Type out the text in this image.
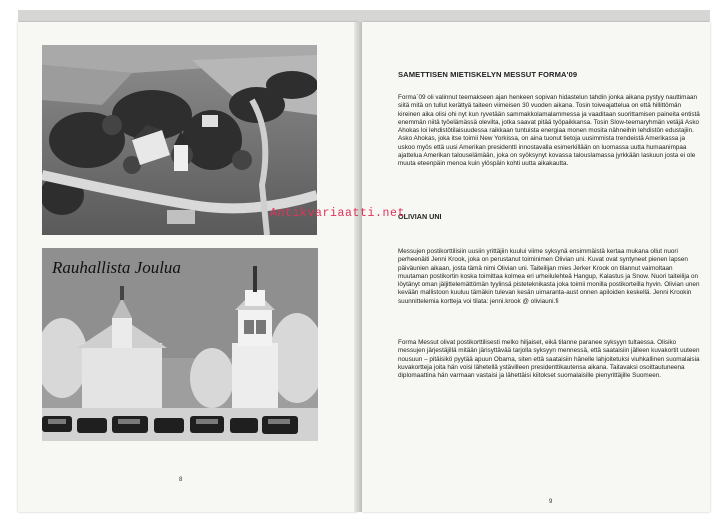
Rauhallista Joulua
8
SAMETTISEN MIETISKELYN MESSUT FORMA'09

Forma´09 oli valinnut teemakseen ajan henkeen sopivan hidastelun tahdin jonka aikana pystyy nauttimaan siitä mitä on tullut kerättyä taiteen viimeisen 30 vuoden aikana. Tosin toiveajattelua on että hillittömän kireinen aika olisi ohi nyt kun ryvetään sammakkolamalammessa ja vaaditaan suorittamisen paineita entistä enemmän niitä työelämässä olevilta, jotka saavat pitää työpaikkansa. Tosin Slow-teemaryhmän vetäjä Asko Ahokas loi lehdistötilaisuudessa raikkaan tuntuista energiaa monen mosita nähneihin lehdistön edustajiin. Asko Ahokas, joka itse toimii New Yorkissa, on aina tuonut tietoja uusimmista trendeistä Amerikassa ja uskoo myös että uusi Amerikan presidentti innostavalla esimerkillään on luomassa uutta humaanimpaa ajattelua Amerikan talouselämään, joka on syöksynyt kovassa talouslamassa jyrkkään laskuun josta ei ole muuta eteenpäin menoa kuin ylöspäin kohti uutta aikakautta.

OLIVIAN UNI

Messujen postikorttilisiin uusiin yrittäjiin kuului viime syksynä ensimmäistä kertaa mukana ollut nuori perheenäiti Jenni Krook, joka on perustanut toiminimen Olivian uni. Kuvat ovat syntyneet pienen lapsen päiväunien aikaan, josta tämä nimi Olivian uni. Taiteilijan mies Jerker Krook on tilannut vaimoltaan muutaman postikortin koska toimittaa kolmea eri urheilulehteä Hangup, Kalastus ja Snow. Nuori taiteilija on löytänyt oman jäljittelemättömän tyylinsä pisteteknikasta joka toimii monilla postikorteilla hyvin. Olivian unen kevään mallistoon kuuluu tämäkin tulevan kesän uimaranta-aust onnen apiloiden keskellä. Jenni Krookin suunnittelemia kortteja voi tilata: jenni.krook @ oliviauni.fi

Forma Messut olivat postikorttilisesti melko hiljaiset, eikä tilanne paranee syksyyn tultaessa. Olisiko messujen järjestäjillä mitään järisyttävää tarjolla syksyyn mennessä, että saataisiin jälleen kuvakortit uuteen nousuun – pitäisikö pyytää apuun Obama, siten että saataisiin hänelle lahjoitetuksi viuhkallinen suomalaisia kuvakortteja joita hän voisi lähetellä ystävilleen presidenttikautensa aikana. Taitavaksi osoittautuneena diplomaattina hän varmaan vastaisi ja lähettäisi kiitokset suomalaisille pienyrittäjille Suomeen.

9
Antikvariaatti.net
